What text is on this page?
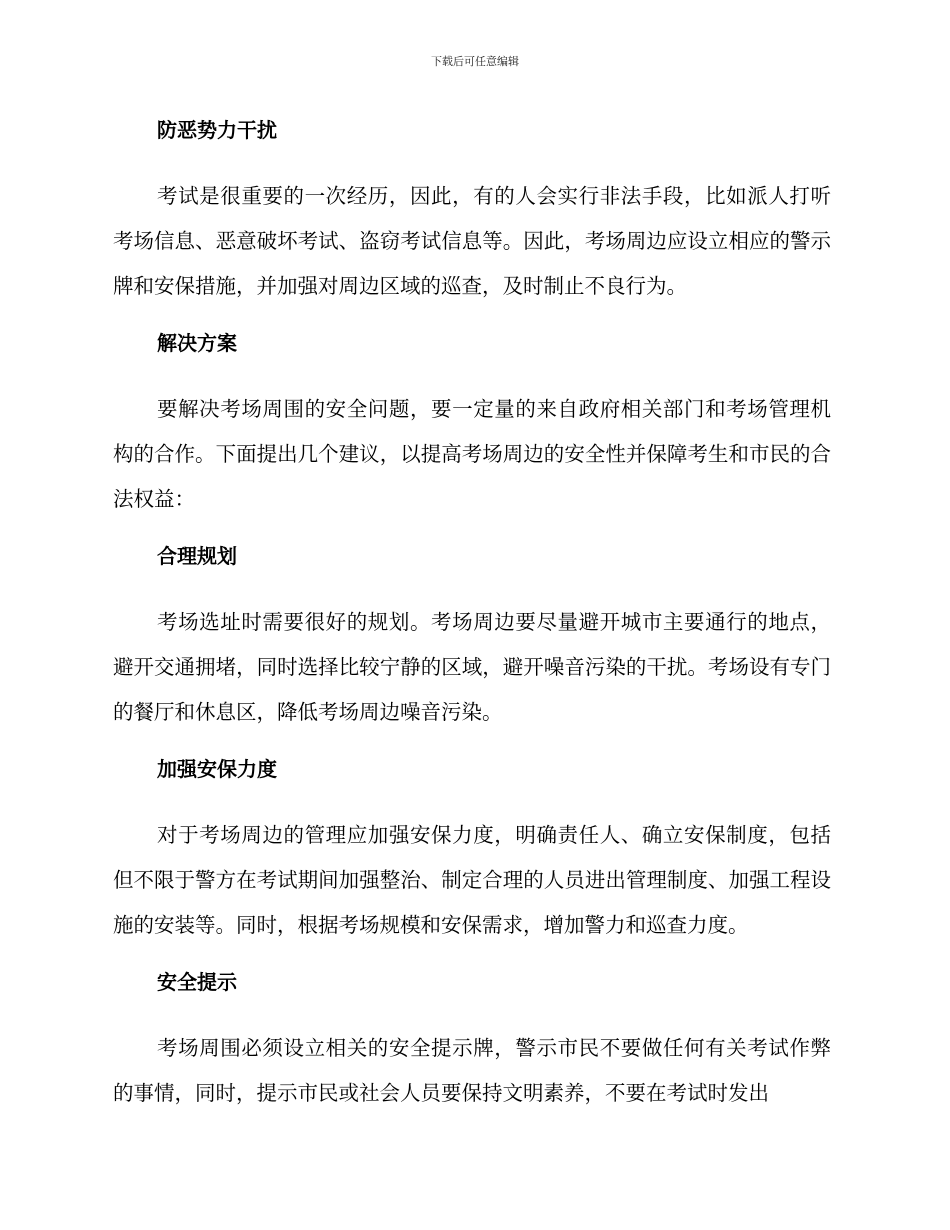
下载后可任意编辑
防恶势力干扰

考试是很重要的一次经历，因此，有的人会实行非法手段，比如派人打听考场信息、恶意破坏考试、盗窃考试信息等。因此，考场周边应设立相应的警示牌和安保措施，并加强对周边区域的巡查，及时制止不良行为。

解决方案

要解决考场周围的安全问题，要一定量的来自政府相关部门和考场管理机构的合作。下面提出几个建议，以提高考场周边的安全性并保障考生和市民的合法权益：

合理规划

考场选址时需要很好的规划。考场周边要尽量避开城市主要通行的地点，避开交通拥堵，同时选择比较宁静的区域，避开噪音污染的干扰。考场设有专门的餐厅和休息区，降低考场周边噪音污染。

加强安保力度

对于考场周边的管理应加强安保力度，明确责任人、确立安保制度，包括但不限于警方在考试期间加强整治、制定合理的人员进出管理制度、加强工程设施的安装等。同时，根据考场规模和安保需求，增加警力和巡查力度。

安全提示

考场周围必须设立相关的安全提示牌，警示市民不要做任何有关考试作弊的事情，同时，提示市民或社会人员要保持文明素养，不要在考试时发出
